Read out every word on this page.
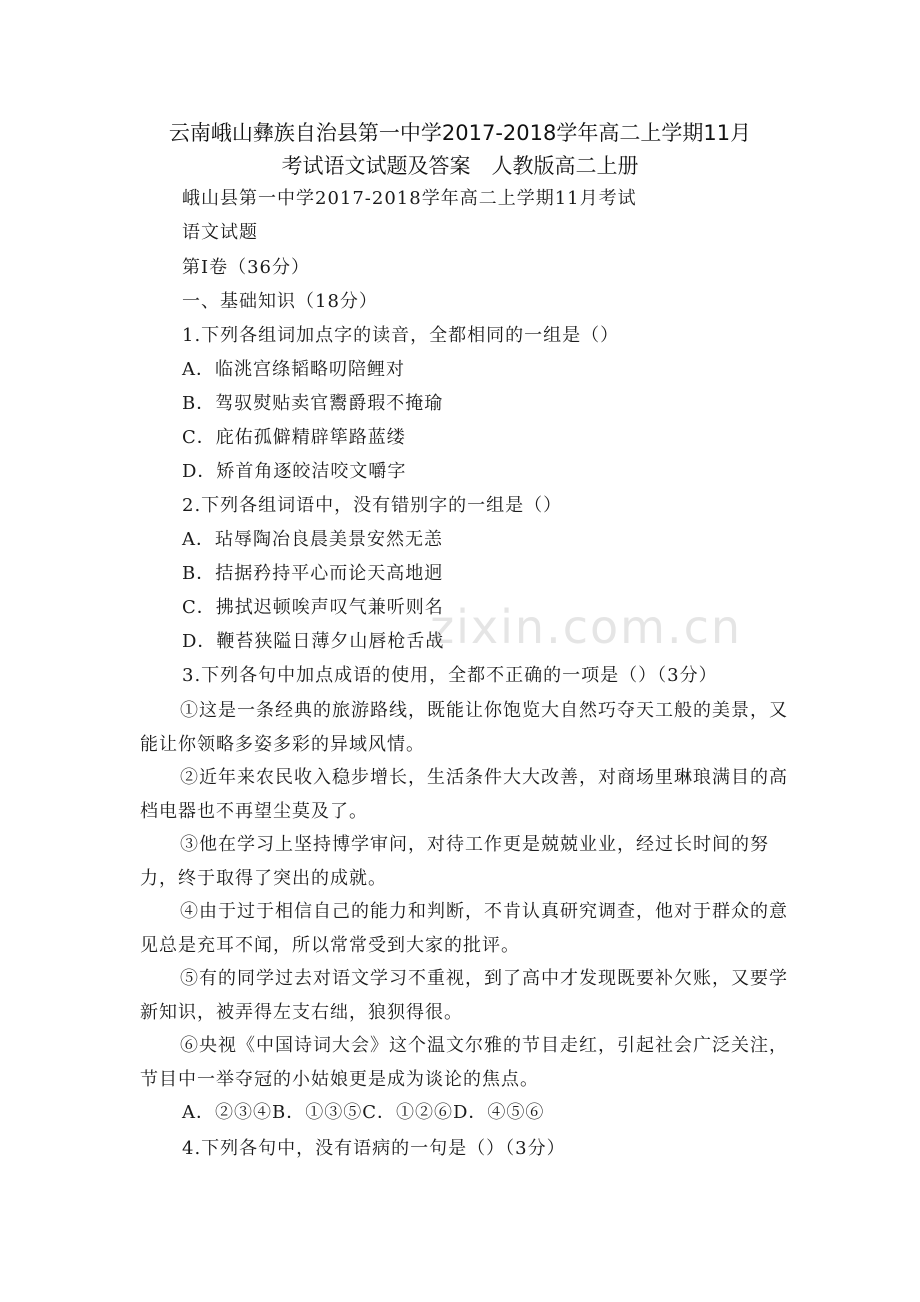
云南峨山彝族自治县第一中学2017-2018学年高二上学期11月
考试语文试题及答案　人教版高二上册
峨山县第一中学2017-2018学年高二上学期11月考试
语文试题
第Ⅰ卷（36分）
一、基础知识（18分）
1.下列各组词加点字的读音，全都相同的一组是（）
A．临洮宫绦韬略叨陪鲤对
B．驾驭熨贴卖官鬻爵瑕不掩瑜
C．庇佑孤僻精辟筚路蓝缕
D．矫首角逐皎洁咬文嚼字
2.下列各组词语中，没有错别字的一组是（）
A．玷辱陶冶良晨美景安然无恙
B．拮据矜持平心而论天高地迥
C．拂拭迟顿唉声叹气兼听则名
D．鞭苔狭隘日薄夕山唇枪舌战
3.下列各句中加点成语的使用，全都不正确的一项是（）（3分）
①这是一条经典的旅游路线，既能让你饱览大自然巧夺天工般的美景，又能让你领略多姿多彩的异域风情。
②近年来农民收入稳步增长，生活条件大大改善，对商场里琳琅满目的高档电器也不再望尘莫及了。
③他在学习上坚持博学审问，对待工作更是兢兢业业，经过长时间的努力，终于取得了突出的成就。
④由于过于相信自己的能力和判断，不肯认真研究调查，他对于群众的意见总是充耳不闻，所以常常受到大家的批评。
⑤有的同学过去对语文学习不重视，到了高中才发现既要补欠账，又要学新知识，被弄得左支右绌，狼狈得很。
⑥央视《中国诗词大会》这个温文尔雅的节目走红，引起社会广泛关注，节目中一举夺冠的小姑娘更是成为谈论的焦点。
A．②③④B．①③⑤C．①②⑥D．④⑤⑥
4.下列各句中，没有语病的一句是（）（3分）
zixin.com.cn
